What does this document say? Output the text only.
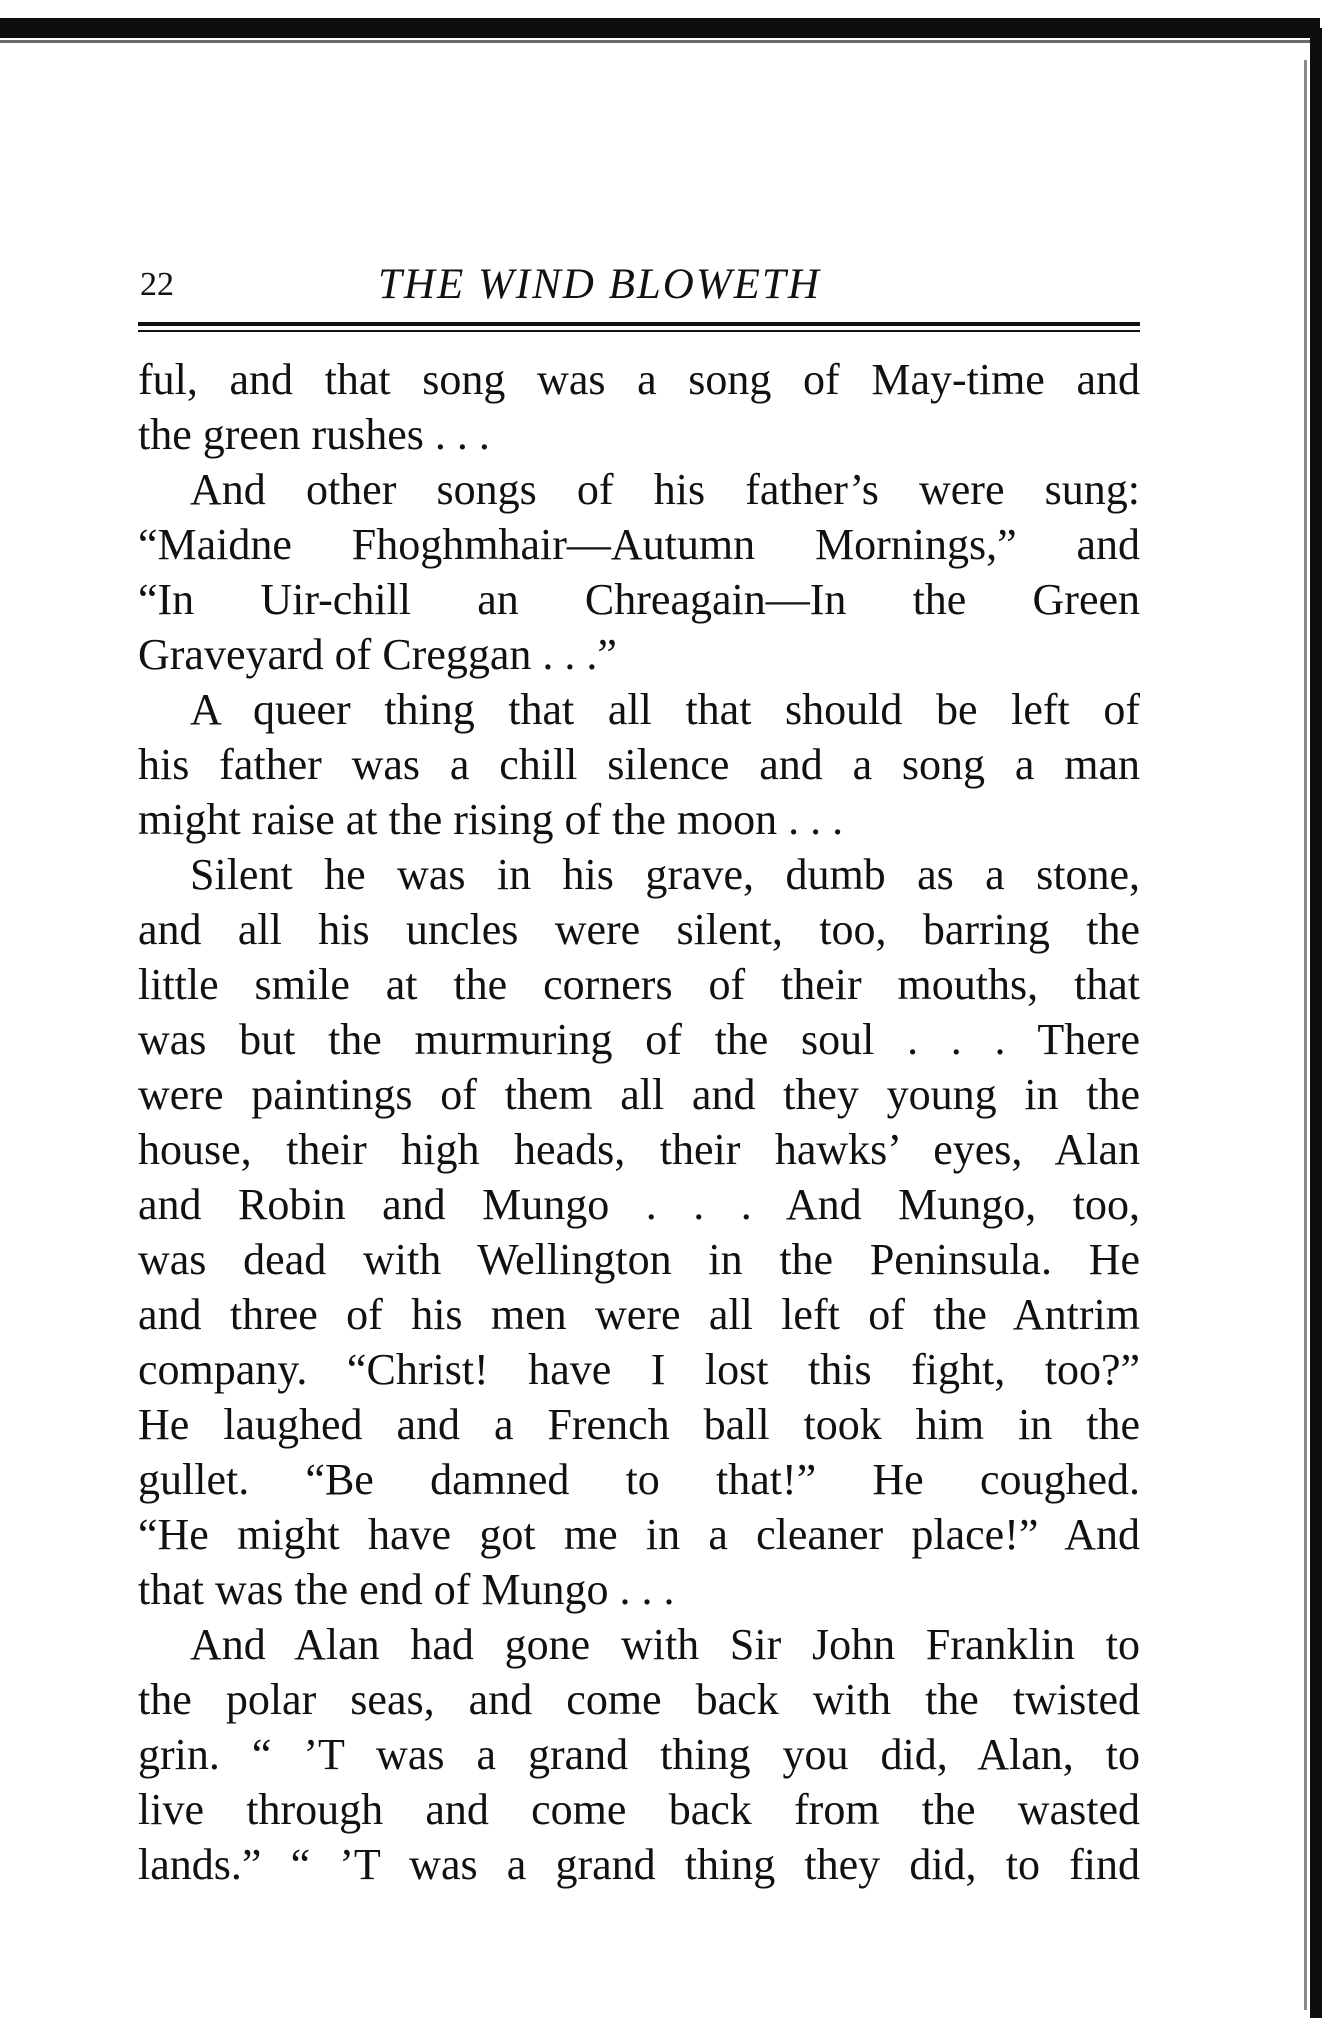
22	THE WIND BLOWETH
ful, and that song was a song of May-time and
the green rushes . . .
And other songs of his father’s were sung:
“Maidne Fhoghmhair—Autumn Mornings,” and
“In Uir-chill an Chreagain—In the Green
Graveyard of Creggan . . .”
A queer thing that all that should be left of
his father was a chill silence and a song a man
might raise at the rising of the moon . . .
Silent he was in his grave, dumb as a stone,
and all his uncles were silent, too, barring the
little smile at the corners of their mouths, that
was but the murmuring of the soul . . . There
were paintings of them all and they young in the
house, their high heads, their hawks’ eyes, Alan
and Robin and Mungo . . . And Mungo, too,
was dead with Wellington in the Peninsula. He
and three of his men were all left of the Antrim
company. “Christ! have I lost this fight, too?”
He laughed and a French ball took him in the
gullet. “Be damned to that!” He coughed.
“He might have got me in a cleaner place!” And
that was the end of Mungo . . .
And Alan had gone with Sir John Franklin to
the polar seas, and come back with the twisted
grin. “ ’T was a grand thing you did, Alan, to
live through and come back from the wasted
lands.” “ ’T was a grand thing they did, to find
